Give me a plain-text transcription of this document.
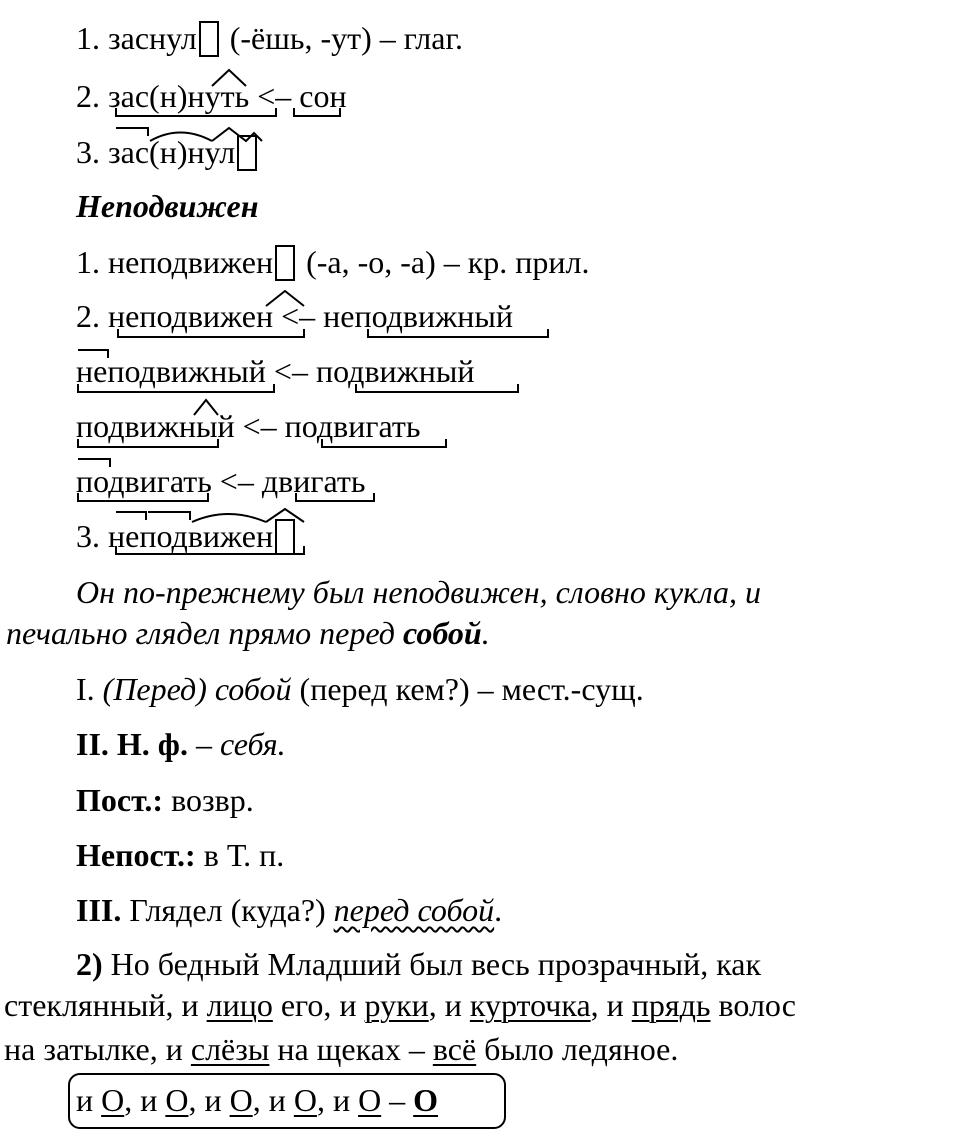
1. заснул (-ёшь, -ут) – глаг.
2. зас(н)нуть <– сон
3. зас(н)нул
Неподвижен
1. неподвижен (-а, -о, -а) – кр. прил.
2. неподвижен <– неподвижный
неподвижный <– подвижный
подвижный <– подвигать
подвигать <– двигать
3. неподвижен
Он по-прежнему был неподвижен, словно кукла, и
печально глядел прямо перед собой.
I. (Перед) собой (перед кем?) – мест.-сущ.
II. Н. ф. – себя.
Пост.: возвр.
Непост.: в Т. п.
III. Глядел (куда?) перед собой.
2) Но бедный Младший был весь прозрачный, как
стеклянный, и лицо его, и руки, и курточка, и прядь волос
на затылке, и слёзы на щеках – всё было ледяное.
и О, и О, и О, и О, и О – О
